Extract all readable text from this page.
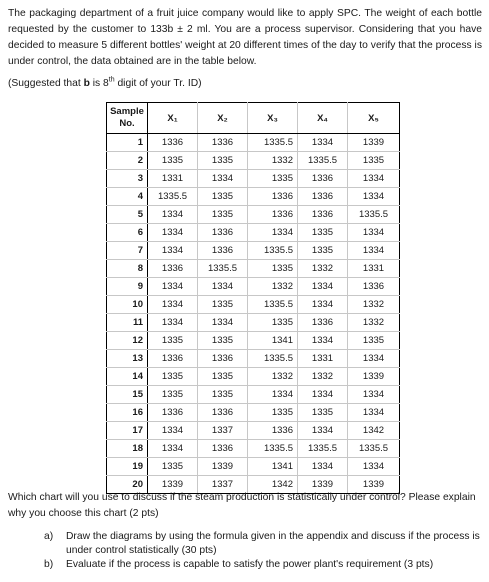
The packaging department of a fruit juice company would like to apply SPC. The weight of each bottle requested by the customer to 133b ± 2 ml. You are a process supervisor. Considering that you have decided to measure 5 different bottles' weight at 20 different times of the day to verify that the process is under control, the data obtained are in the table below.
(Suggested that b is 8th digit of your Tr. ID)
Sample
No.	X₁	X₂	X₃	X₄	X₅
1	1336	1336	1335.5	1334	1339
2	1335	1335	1332	1335.5	1335
3	1331	1334	1335	1336	1334
4	1335.5	1335	1336	1336	1334
5	1334	1335	1336	1336	1335.5
6	1334	1336	1334	1335	1334
7	1334	1336	1335.5	1335	1334
8	1336	1335.5	1335	1332	1331
9	1334	1334	1332	1334	1336
10	1334	1335	1335.5	1334	1332
11	1334	1334	1335	1336	1332
12	1335	1335	1341	1334	1335
13	1336	1336	1335.5	1331	1334
14	1335	1335	1332	1332	1339
15	1335	1335	1334	1334	1334
16	1336	1336	1335	1335	1334
17	1334	1337	1336	1334	1342
18	1334	1336	1335.5	1335.5	1335.5
19	1335	1339	1341	1334	1334
20	1339	1337	1342	1339	1339
Which chart will you use to discuss if the steam production is statistically under control? Please explain why you choose this chart (2 pts)
a) Draw the diagrams by using the formula given in the appendix and discuss if the process is under control statistically (30 pts)
b) Evaluate if the process is capable to satisfy the power plant's requirement (3 pts)
